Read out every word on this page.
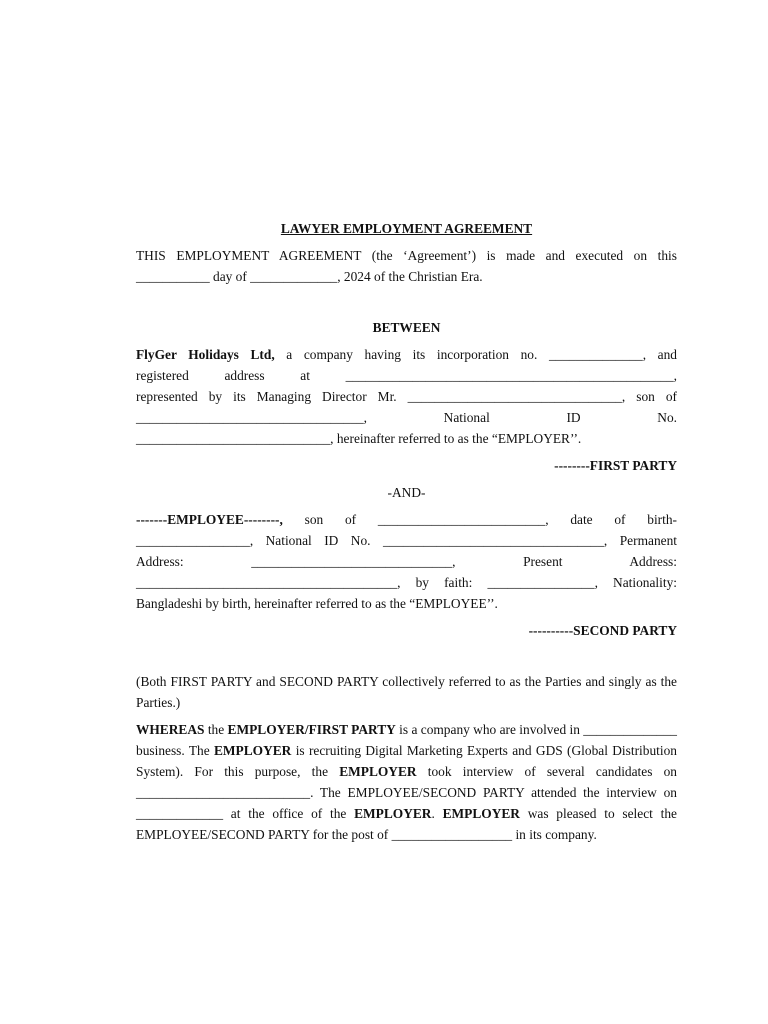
LAWYER EMPLOYMENT AGREEMENT

THIS EMPLOYMENT AGREEMENT (the ‘Agreement’) is made and executed on this ___________ day of _____________, 2024 of the Christian Era.

BETWEEN

FlyGer Holidays Ltd, a company having its incorporation no. ______________, and

registered address at _________________________________________________,

represented by its Managing Director Mr. ________________________________, son of

__________________________________, National ID No.

_____________________________, hereinafter referred to as the “EMPLOYER’’.

--------FIRST PARTY

-AND-

-------EMPLOYEE--------, son of _________________________, date of birth-

_________________, National ID No. _________________________________, Permanent

Address: ______________________________, Present Address:

_______________________________________, by faith: ________________, Nationality:

Bangladeshi by birth, hereinafter referred to as the “EMPLOYEE’’.

----------SECOND PARTY

(Both FIRST PARTY and SECOND PARTY collectively referred to as the Parties and singly as the Parties.)

WHEREAS the EMPLOYER/FIRST PARTY is a company who are involved in ______________ business. The EMPLOYER is recruiting Digital Marketing Experts and GDS (Global Distribution System). For this purpose, the EMPLOYER took interview of several candidates on __________________________. The EMPLOYEE/SECOND PARTY attended the interview on _____________ at the office of the EMPLOYER. EMPLOYER was pleased to select the EMPLOYEE/SECOND PARTY for the post of __________________ in its company.
